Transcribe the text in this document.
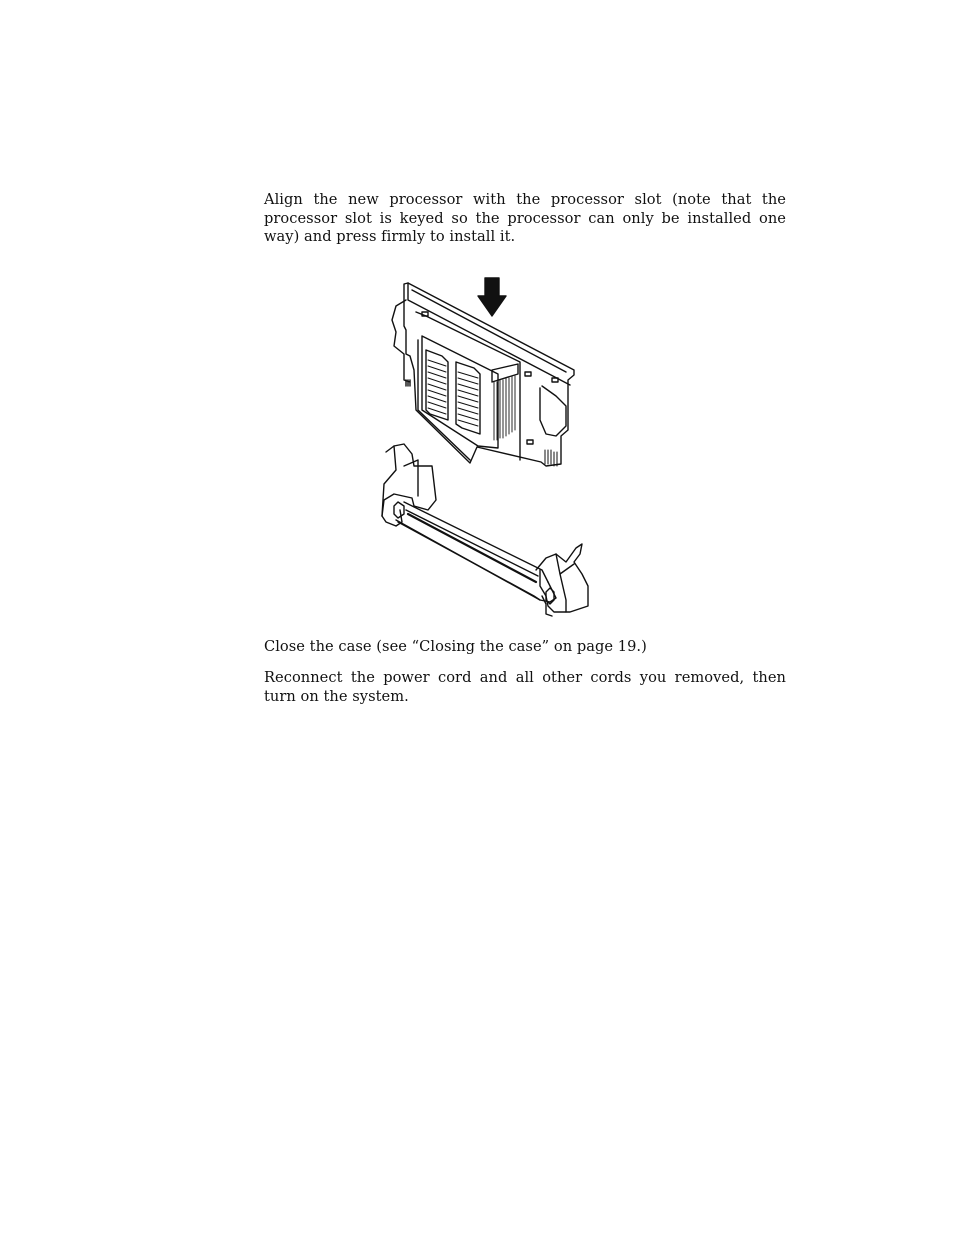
Align the new processor with the processor slot (note that the processor slot is keyed so the processor can only be installed one way) and press firmly to install it.

Close the case (see “Closing the case” on page 19.)

Reconnect the power cord and all other cords you removed, then turn on the system.
